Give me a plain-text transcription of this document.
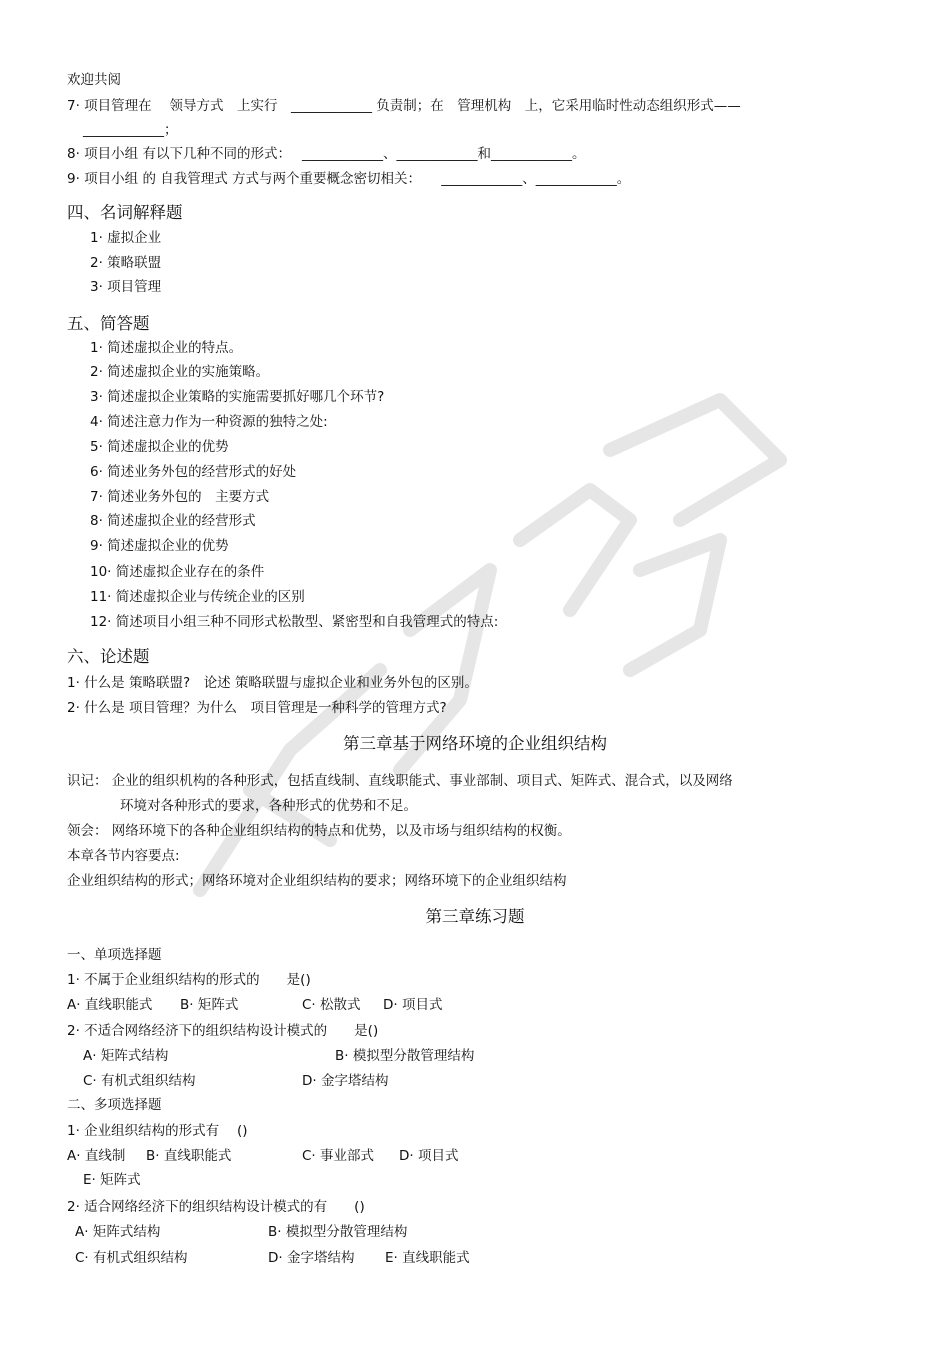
欢迎共阅
7· 项目管理在　 领导方式　上实行　____________ 负责制；在　管理机构　上，它采用临时性动态组织形式——
____________；
8· 项目小组 有以下几种不同的形式：　 ____________、____________和____________。
9· 项目小组 的 自我管理式 方式与两个重要概念密切相关：　　____________、____________。
四、名词解释题
1· 虚拟企业
2· 策略联盟
3· 项目管理
五、简答题
1· 简述虚拟企业的特点。
2· 简述虚拟企业的实施策略。
3· 简述虚拟企业策略的实施需要抓好哪几个环节?
4· 简述注意力作为一种资源的独特之处:
5· 简述虚拟企业的优势
6· 简述业务外包的经营形式的好处
7· 简述业务外包的　主要方式
8· 简述虚拟企业的经营形式
9· 简述虚拟企业的优势
10· 简述虚拟企业存在的条件
11· 简述虚拟企业与传统企业的区别
12· 简述项目小组三种不同形式松散型、紧密型和自我管理式的特点:
六、论述题
1· 什么是 策略联盟?　论述 策略联盟与虚拟企业和业务外包的区别。
2· 什么是 项目管理？为什么　项目管理是一种科学的管理方式?
第三章基于网络环境的企业组织结构
识记： 企业的组织机构的各种形式，包括直线制、直线职能式、事业部制、项目式、矩阵式、混合式，以及网络
环境对各种形式的要求，各种形式的优势和不足。
领会： 网络环境下的各种企业组织结构的特点和优势，以及市场与组织结构的权衡。
本章各节内容要点:
企业组织结构的形式；网络环境对企业组织结构的要求；网络环境下的企业组织结构
第三章练习题
一、单项选择题
1· 不属于企业组织结构的形式的　　是()
A· 直线职能式 B· 矩阵式	C· 松散式 D· 项目式
2· 不适合网络经济下的组织结构设计模式的　　是()
A· 矩阵式结构	B· 模拟型分散管理结构
C· 有机式组织结构	D· 金字塔结构
二、多项选择题
1· 企业组织结构的形式有　 ()
A· 直线制 B· 直线职能式	C· 事业部式 D· 项目式
E· 矩阵式
2· 适合网络经济下的组织结构设计模式的有　　()
A· 矩阵式结构	B· 模拟型分散管理结构
C· 有机式组织结构	D· 金字塔结构 E· 直线职能式
